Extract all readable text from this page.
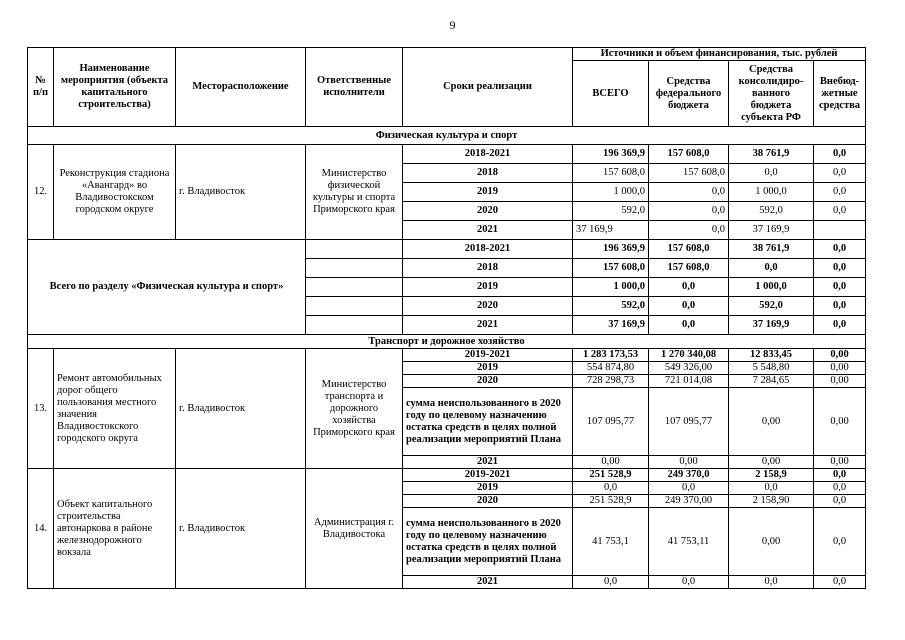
9
№ п/п	Наименование мероприятия (объекта капитального строительства)	Месторасположение	Ответственные исполнители	Сроки реализации	Источники и объем финансирования, тыс. рублей			
					ВСЕГО	Средства федерального бюджета	Средства консолидиро-ванного бюджета субъекта РФ	Внебюд-жетные средства
Физическая культура и спорт								
12.	Реконструкция стадиона «Авангард» во Владивостокском городском округе	г. Владивосток	Министерство физической культуры и спорта Приморского края	2018-2021	196 369,9	157 608,0	38 761,9	0,0
				2018	157 608,0	157 608,0	0,0	0,0
				2019	1 000,0	0,0	1 000,0	0,0
				2020	592,0	0,0	592,0	0,0
				2021	37 169,9	0,0	37 169,9	
Всего по разделу «Физическая культура и спорт»				2018-2021	196 369,9	157 608,0	38 761,9	0,0
				2018	157 608,0	157 608,0	0,0	0,0
				2019	1 000,0	0,0	1 000,0	0,0
				2020	592,0	0,0	592,0	0,0
				2021	37 169,9	0,0	37 169,9	0,0
Транспорт и дорожное хозяйство								
13.	Ремонт автомобильных дорог общего пользования местного значения Владивостокского городского округа	г. Владивосток	Министерство транспорта и дорожного хозяйства Приморского края	2019-2021	1 283 173,53	1 270 340,08	12 833,45	0,00
				2019	554 874,80	549 326,00	5 548,80	0,00
				2020	728 298,73	721 014,08	7 284,65	0,00
				сумма неиспользованного в 2020 году по целевому назначению остатка средств в целях полной реализации мероприятий Плана	107 095,77	107 095,77	0,00	0,00
				2021	0,00	0,00	0,00	0,00
14.	Объект капитального строительства автонаркова в районе железнодорожного вокзала	г. Владивосток	Администрация г. Владивостока	2019-2021	251 528,9	249 370,0	2 158,9	0,0
				2019	0,0	0,0	0,0	0,0
				2020	251 528,9	249 370,00	2 158,90	0,0
				сумма неиспользованного в 2020 году по целевому назначению остатка средств в целях полной реализации мероприятий Плана	41 753,1	41 753,11	0,00	0,0
				2021	0,0	0,0	0,0	0,0
